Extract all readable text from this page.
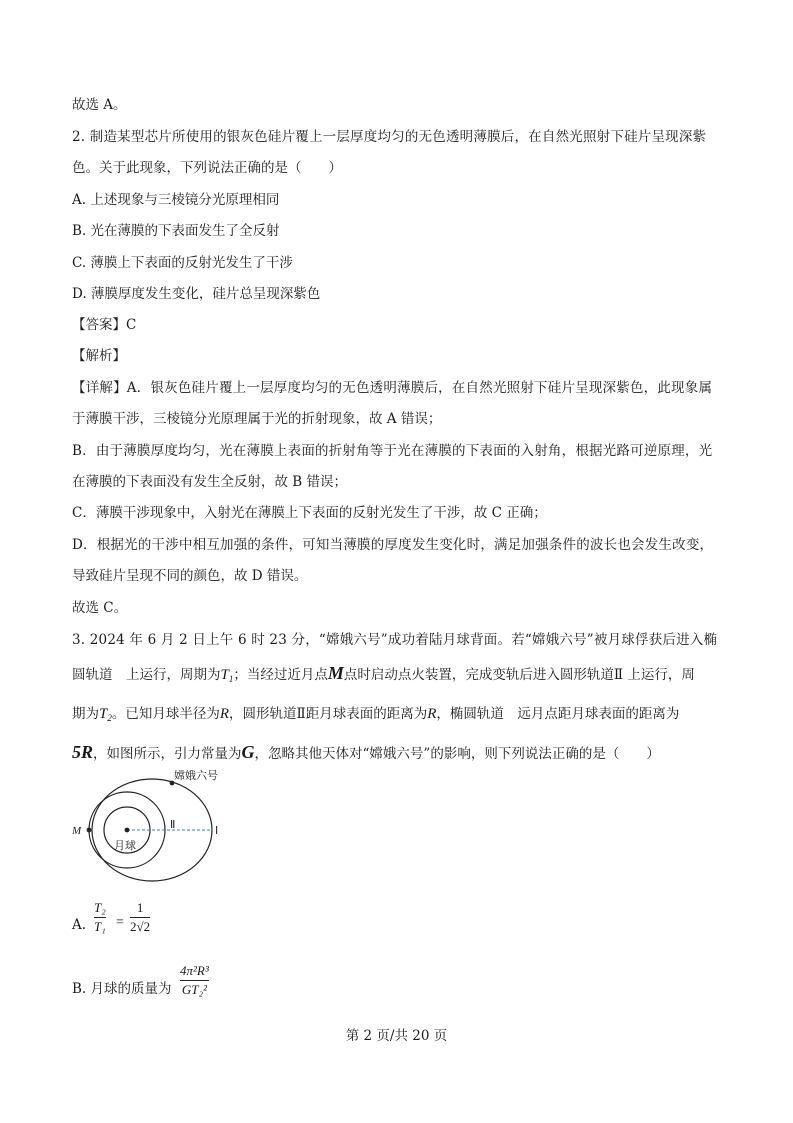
故选 A。
2. 制造某型芯片所使用的银灰色硅片覆上一层厚度均匀的无色透明薄膜后，在自然光照射下硅片呈现深紫
色。关于此现象，下列说法正确的是（　　）
A. 上述现象与三棱镜分光原理相同
B. 光在薄膜的下表面发生了全反射
C. 薄膜上下表面的反射光发生了干涉
D. 薄膜厚度发生变化，硅片总呈现深紫色
【答案】C
【解析】
【详解】A．银灰色硅片覆上一层厚度均匀的无色透明薄膜后，在自然光照射下硅片呈现深紫色，此现象属
于薄膜干涉，三棱镜分光原理属于光的折射现象，故 A 错误；
B．由于薄膜厚度均匀，光在薄膜上表面的折射角等于光在薄膜的下表面的入射角，根据光路可逆原理，光
在薄膜的下表面没有发生全反射，故 B 错误；
C．薄膜干涉现象中，入射光在薄膜上下表面的反射光发生了干涉，故 C 正确；
D．根据光的干涉中相互加强的条件，可知当薄膜的厚度发生变化时，满足加强条件的波长也会发生改变，
导致硅片呈现不同的颜色，故 D 错误。
故选 C。
3. 2024 年 6 月 2 日上午 6 时 23 分，“嫦娥六号”成功着陆月球背面。若“嫦娥六号”被月球俘获后进入椭
圆轨道　上运行，周期为$T_1$；当经过近月点M点时启动点火装置，完成变轨后进入圆形轨道Ⅱ 上运行，周
期为$T_2$。已知月球半径为R，圆形轨道Ⅱ距月球表面的距离为R，椭圆轨道　远月点距月球表面的距离为
5R，如图所示，引力常量为G，忽略其他天体对“嫦娥六号”的影响，则下列说法正确的是（　　）
嫦娥六号
月球
M	Ⅱ	Ⅰ
A.
T₂
T₁ =
1
2√2
B. 月球的质量为
4π²R³
GT₂²
第 2 页/共 20 页
